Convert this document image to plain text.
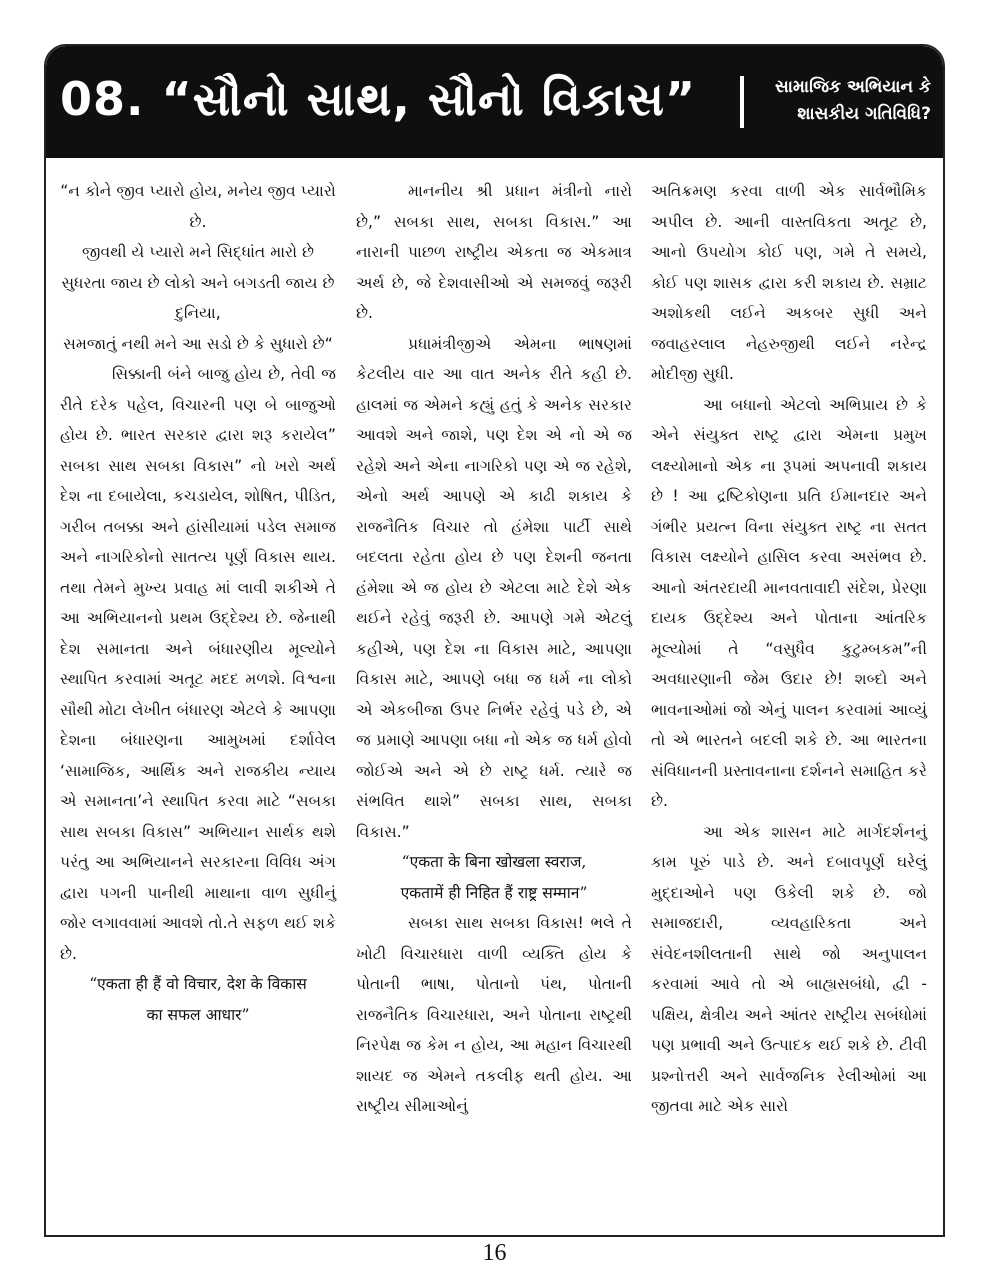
08. “સૌનો સાથ, સૌનો વિકાસ”	સામાજિક અભિયાન કે
શાસકીય ગતિવિધિ?

“ન કોને જીવ પ્યારો હોય, મનેય જીવ પ્યારો છે.

જીવથી યે પ્યારો મને સિદ્ધાંત મારો છે

સુધરતા જાય છે લોકો અને બગડતી જાય છે દુનિયા,

સમજાતું નથી મને આ સડો છે કે સુધારો છે“

સિક્કાની બંને બાજુ હોય છે, તેવી જ રીતે દરેક પહેલ, વિચારની પણ બે બાજુઓ હોય છે. ભારત સરકાર દ્વારા શરૂ કરાયેલ” સબકા સાથ સબકા વિકાસ” નો ખરો અર્થ દેશ ના દબાયેલા, કચડાયેલ, શોષિત, પીડિત, ગરીબ તબક્કા અને હાંસીયામાં પડેલ સમાજ અને નાગરિકોનો સાતત્ય પૂર્ણ વિકાસ થાય. તથા તેમને મુખ્ય પ્રવાહ માં લાવી શકીએ તે આ અભિયાનનો પ્રથમ ઉદ્દેશ્ય છે. જેનાથી દેશ સમાનતા અને બંધારણીય મૂલ્યોને સ્થાપિત કરવામાં અતૂટ મદદ મળશે. વિશ્વના સૌથી મોટા લેખીત બંધારણ એટલે કે આપણા દેશના બંધારણના આમુખમાં દર્શાવેલ ‘સામાજિક, આર્થિક અને રાજકીય ન્યાય એ સમાનતા’ને સ્થાપિત કરવા માટે “સબકા સાથ સબકા વિકાસ” અભિયાન સાર્થક થશે પરંતુ આ અભિયાનને સરકારના વિવિધ અંગ દ્વારા પગની પાનીથી માથાના વાળ સુધીનું જોર લગાવવામાં આવશે તો.તે સફળ થઈ શકે છે.

“एकता ही हैं वो विचार, देश के विकास

का सफल आधार”

માનનીય શ્રી પ્રધાન મંત્રીનો નારો છે,” સબકા સાથ, સબકા વિકાસ.” આ નારાની પાછળ રાષ્ટ્રીય એકતા જ એકમાત્ર અર્થ છે, જે દેશવાસીઓ એ સમજવું જરૂરી છે.

પ્રધામંત્રીજીએ એમના ભાષણમાં કેટલીય વાર આ વાત અનેક રીતે કહી છે. હાલમાં જ એમને કહ્યું હતું કે અનેક સરકાર આવશે અને જાશે, પણ દેશ એ નો એ જ રહેશે અને એના નાગરિકો પણ એ જ રહેશે, એનો અર્થ આપણે એ કાઢી શકાય કે રાજનૈતિક વિચાર તો હંમેશા પાર્ટી સાથે બદલતા રહેતા હોય છે પણ દેશની જનતા હંમેશા એ જ હોય છે એટલા માટે દેશે એક થઈને રહેવું જરૂરી છે. આપણે ગમે એટલું કહીએ, પણ દેશ ના વિકાસ માટે, આપણા વિકાસ માટે, આપણે બધા જ ધર્મ ના લોકો એ એકબીજા ઉપર નિર્ભર રહેવું પડે છે, એ જ પ્રમાણે આપણા બધા નો એક જ ધર્મ હોવો જોઈએ અને એ છે રાષ્ટ્ર ધર્મ. ત્યારે જ સંભવિત થાશે” સબકા સાથ, સબકા વિકાસ.”

“एकता के बिना खोखला स्वराज,

एकतामें ही निहित हैं राष्ट्र सम्मान”

સબકા સાથ સબકા વિકાસ! ભલે તે ખોટી વિચારધારા વાળી વ્યક્તિ હોય કે પોતાની ભાષા, પોતાનો પંથ, પોતાની રાજનૈતિક વિચારધારા, અને પોતાના રાષ્ટ્રથી નિરપેક્ષ જ કેમ ન હોય, આ મહાન વિચારથી શાયદ જ એમને તકલીફ થતી હોય. આ રાષ્ટ્રીય સીમાઓનું

અતિક્રમણ કરવા વાળી એક સાર્વભૌમિક અપીલ છે. આની વાસ્તવિકતા અતૂટ છે, આનો ઉપયોગ કોઈ પણ, ગમે તે સમયે, કોઈ પણ શાસક દ્વારા કરી શકાય છે. સમ્રાટ અશોકથી લઈને અકબર સુધી અને જવાહરલાલ નેહરુજીથી લઈને નરેન્દ્ર મોદીજી સુધી.

આ બધાનો એટલો અભિપ્રાય છે કે એને સંયુક્ત રાષ્ટ્ર દ્વારા એમના પ્રમુખ લક્ષ્યોમાનો એક ના રૂપમાં અપનાવી શકાય છે ! આ દ્રષ્ટિકોણના પ્રતિ ઈમાનદાર અને ગંભીર પ્રયત્ન વિના સંયુક્ત રાષ્ટ્ર ના સતત વિકાસ લક્ષ્યોને હાસિલ કરવા અસંભવ છે. આનો અંતરદાયી માનવતાવાદી સંદેશ, પ્રેરણા દાયક ઉદ્દેશ્ય અને પોતાના આંતરિક મૂલ્યોમાં તે “વસુધૈવ કુટુમ્બકમ”ની અવધારણાની જેમ ઉદાર છે! શબ્દો અને ભાવનાઓમાં જો એનું પાલન કરવામાં આવ્યું તો એ ભારતને બદલી શકે છે. આ ભારતના સંવિધાનની પ્રસ્તાવનાના દર્શનને સમાહિત કરે છે.

આ એક શાસન માટે માર્ગદર્શનનું કામ પૂરું પાડે છે. અને દબાવપૂર્ણ ઘરેલું મુદ્દાઓને પણ ઉકેલી શકે છે. જો સમાજદારી, વ્યવહારિકતા અને સંવેદનશીલતાની સાથે જો અનુપાલન કરવામાં આવે તો એ બાહ્યસબંધો, દ્વી - પક્ષિય, ક્ષેત્રીય અને આંતર રાષ્ટ્રીય સબંધોમાં પણ પ્રભાવી અને ઉત્પાદક થઈ શકે છે. ટીવી પ્રશ્નોત્તરી અને સાર્વજનિક રેલીઓમાં આ જીતવા માટે એક સારો

16
